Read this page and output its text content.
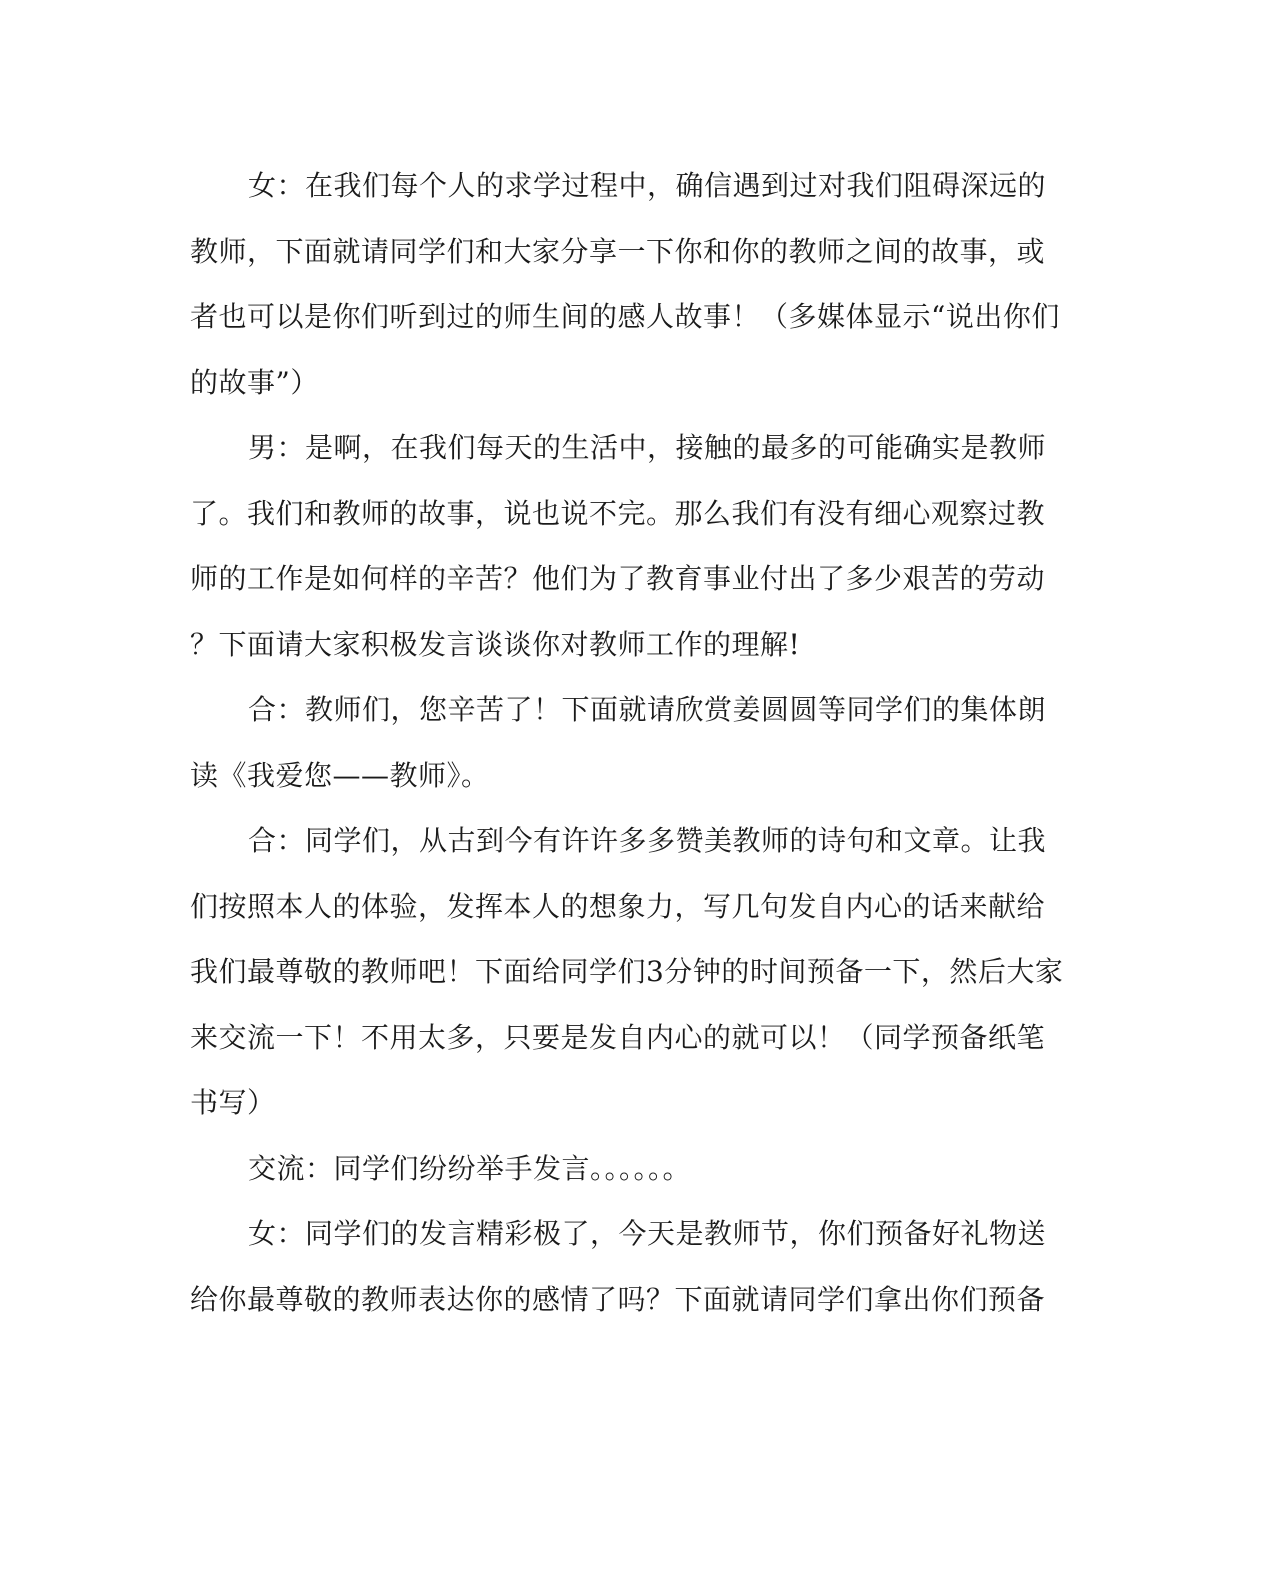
女：在我们每个人的求学过程中，确信遇到过对我们阻碍深远的
教师，下面就请同学们和大家分享一下你和你的教师之间的故事，或
者也可以是你们听到过的师生间的感人故事！（多媒体显示“说出你们
的故事”）
男：是啊，在我们每天的生活中，接触的最多的可能确实是教师
了。我们和教师的故事，说也说不完。那么我们有没有细心观察过教
师的工作是如何样的辛苦？他们为了教育事业付出了多少艰苦的劳动
？下面请大家积极发言谈谈你对教师工作的理解!
合：教师们，您辛苦了！下面就请欣赏姜圆圆等同学们的集体朗
读《我爱您——教师》。
合：同学们，从古到今有许许多多赞美教师的诗句和文章。让我
们按照本人的体验，发挥本人的想象力，写几句发自内心的话来献给
我们最尊敬的教师吧！下面给同学们3分钟的时间预备一下，然后大家
来交流一下！不用太多，只要是发自内心的就可以！（同学预备纸笔
书写）
交流：同学们纷纷举手发言。。。。。。
女：同学们的发言精彩极了，今天是教师节，你们预备好礼物送
给你最尊敬的教师表达你的感情了吗？下面就请同学们拿出你们预备
